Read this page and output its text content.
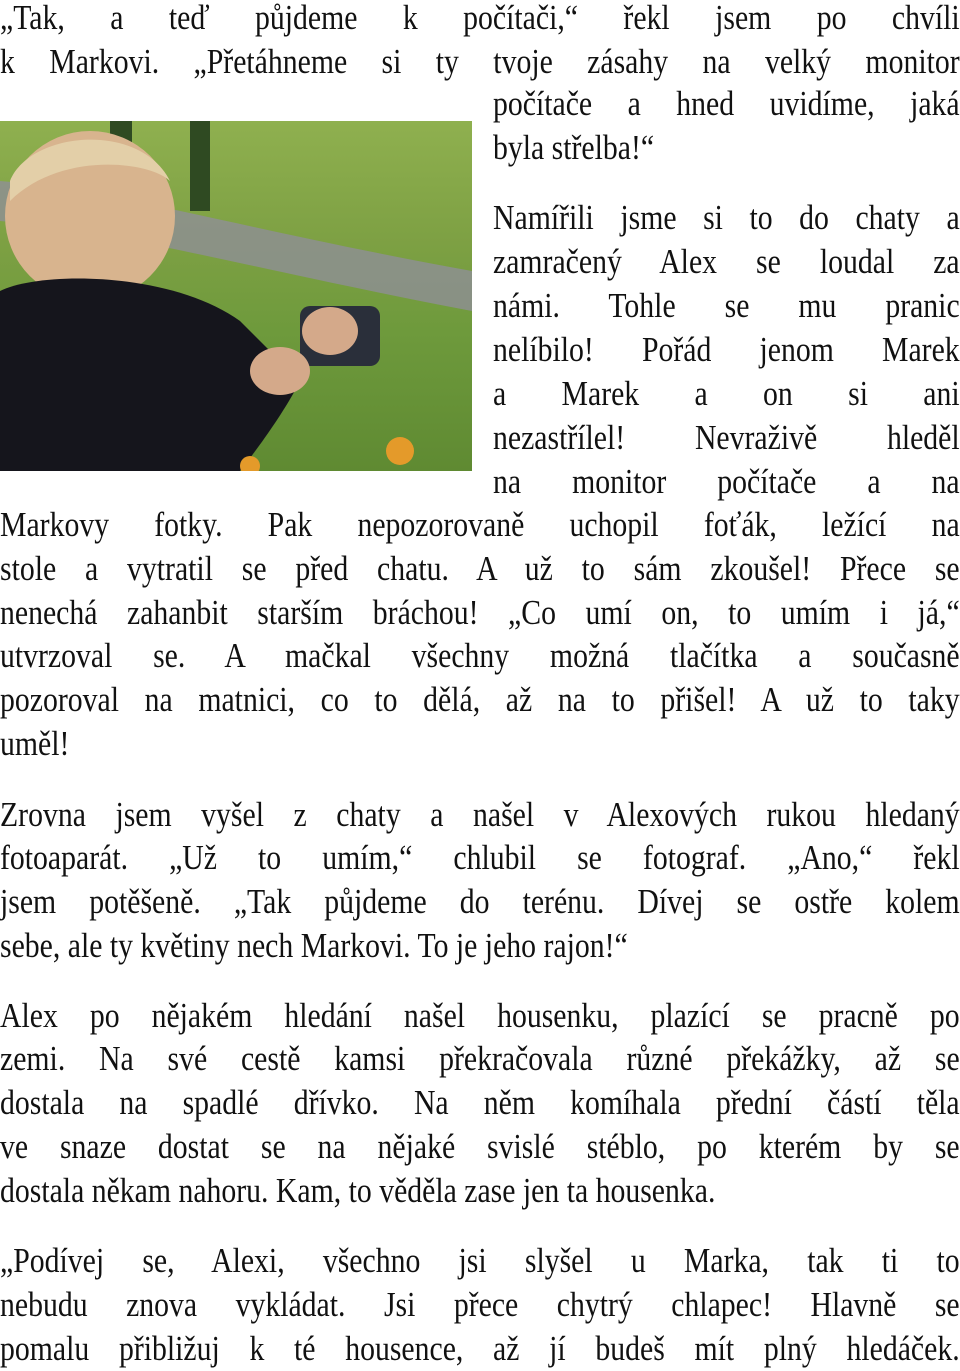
„Tak, a teď půjdeme k počítači,“ řekl jsem po chvíli
k Markovi. „Přetáhneme si ty tvoje zásahy na velký monitor
počítače a hned uvidíme, jaká
byla střelba!“
Namířili jsme si to do chaty a
zamračený Alex se loudal za
námi. Tohle se mu pranic
nelíbilo! Pořád jenom Marek
a Marek a on si ani
nezastřílel! Nevraživě hleděl
na monitor počítače a na
Markovy fotky. Pak nepozorovaně uchopil foťák, ležící na
stole a vytratil se před chatu. A už to sám zkoušel! Přece se
nenechá zahanbit starším bráchou! „Co umí on, to umím i já,“
utvrzoval se. A mačkal všechny možná tlačítka a současně
pozoroval na matnici, co to dělá, až na to přišel! A už to taky
uměl!
Zrovna jsem vyšel z chaty a našel v Alexových rukou hledaný
fotoaparát. „Už to umím,“ chlubil se fotograf. „Ano,“ řekl
jsem potěšeně. „Tak půjdeme do terénu. Dívej se ostře kolem
sebe, ale ty květiny nech Markovi. To je jeho rajon!“
Alex po nějakém hledání našel housenku, plazící se pracně po
zemi. Na své cestě kamsi překračovala různé překážky, až se
dostala na spadlé dřívko. Na něm komíhala přední částí těla
ve snaze dostat se na nějaké svislé stéblo, po kterém by se
dostala někam nahoru. Kam, to věděla zase jen ta housenka.
„Podívej se, Alexi, všechno jsi slyšel u Marka, tak ti to
nebudu znova vykládat. Jsi přece chytrý chlapec! Hlavně se
pomalu přibližuj k té housence, až jí budeš mít plný hledáček.
